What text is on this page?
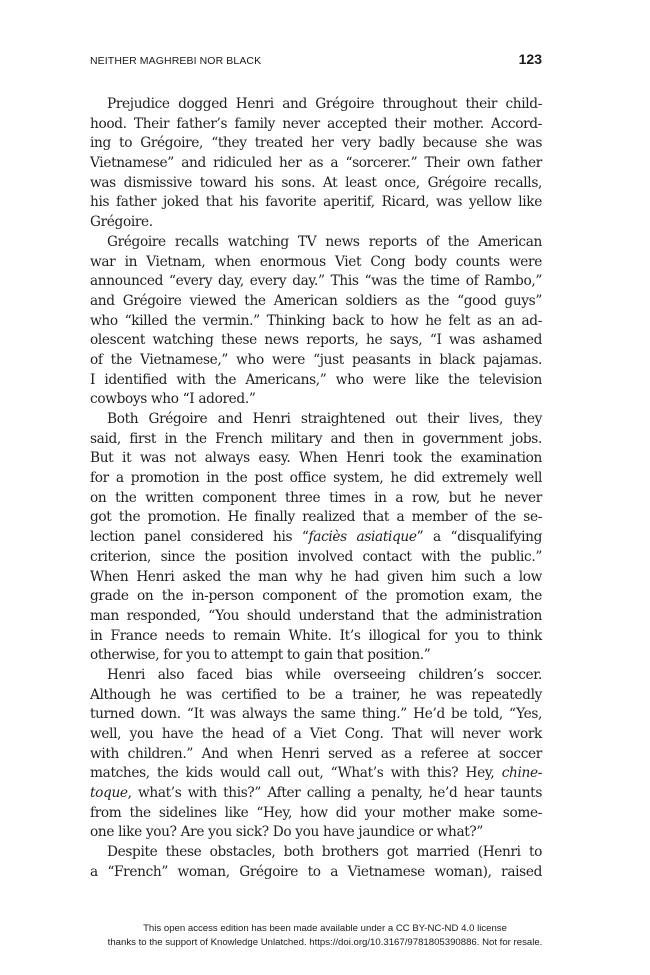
NEITHER MAGHREBI NOR BLACK	123
Prejudice dogged Henri and Grégoire throughout their child-
hood. Their father’s family never accepted their mother. Accord-
ing to Grégoire, “they treated her very badly because she was
Vietnamese” and ridiculed her as a “sorcerer.” Their own father
was dismissive toward his sons. At least once, Grégoire recalls,
his father joked that his favorite aperitif, Ricard, was yellow like
Grégoire.
Grégoire recalls watching TV news reports of the American
war in Vietnam, when enormous Viet Cong body counts were
announced “every day, every day.” This “was the time of Rambo,”
and Grégoire viewed the American soldiers as the “good guys”
who “killed the vermin.” Thinking back to how he felt as an ad-
olescent watching these news reports, he says, “I was ashamed
of the Vietnamese,” who were “just peasants in black pajamas.
I identified with the Americans,” who were like the television
cowboys who “I adored.”
Both Grégoire and Henri straightened out their lives, they
said, first in the French military and then in government jobs.
But it was not always easy. When Henri took the examination
for a promotion in the post office system, he did extremely well
on the written component three times in a row, but he never
got the promotion. He finally realized that a member of the se-
lection panel considered his “faciès asiatique” a “disqualifying
criterion, since the position involved contact with the public.”
When Henri asked the man why he had given him such a low
grade on the in-person component of the promotion exam, the
man responded, “You should understand that the administration
in France needs to remain White. It’s illogical for you to think
otherwise, for you to attempt to gain that position.”
Henri also faced bias while overseeing children’s soccer.
Although he was certified to be a trainer, he was repeatedly
turned down. “It was always the same thing.” He’d be told, “Yes,
well, you have the head of a Viet Cong. That will never work
with children.” And when Henri served as a referee at soccer
matches, the kids would call out, “What’s with this? Hey, chine-
toque, what’s with this?” After calling a penalty, he’d hear taunts
from the sidelines like “Hey, how did your mother make some-
one like you? Are you sick? Do you have jaundice or what?”
Despite these obstacles, both brothers got married (Henri to
a “French” woman, Grégoire to a Vietnamese woman), raised
This open access edition has been made available under a CC BY-NC-ND 4.0 license
thanks to the support of Knowledge Unlatched. https://doi.org/10.3167/9781805390886. Not for resale.
